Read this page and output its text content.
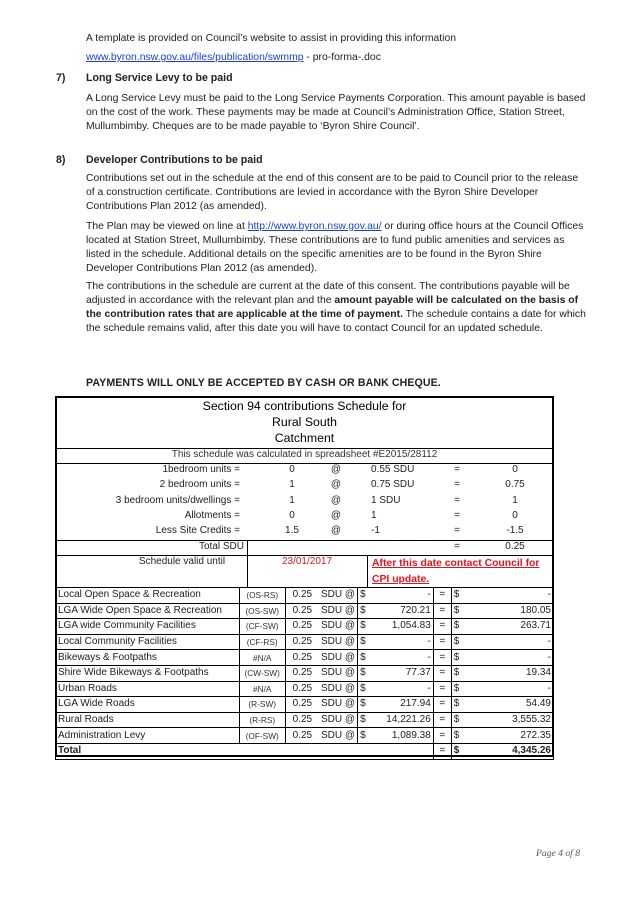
A template is provided on Council’s website to assist in providing this information

www.byron.nsw.gov.au/files/publication/swmmp - pro-forma-.doc

7) Long Service Levy to be paid

A Long Service Levy must be paid to the Long Service Payments Corporation. This amount payable is based on the cost of the work. These payments may be made at Council’s Administration Office, Station Street, Mullumbimby. Cheques are to be made payable to ‘Byron Shire Council’.

8) Developer Contributions to be paid

Contributions set out in the schedule at the end of this consent are to be paid to Council prior to the release of a construction certificate. Contributions are levied in accordance with the Byron Shire Developer Contributions Plan 2012 (as amended).

The Plan may be viewed on line at http://www.byron.nsw.gov.au/ or during office hours at the Council Offices located at Station Street, Mullumbimby. These contributions are to fund public amenities and services as listed in the schedule. Additional details on the specific amenities are to be found in the Byron Shire Developer Contributions Plan 2012 (as amended).

The contributions in the schedule are current at the date of this consent. The contributions payable will be adjusted in accordance with the relevant plan and the amount payable will be calculated on the basis of the contribution rates that are applicable at the time of payment. The schedule contains a date for which the schedule remains valid, after this date you will have to contact Council for an updated schedule.

PAYMENTS WILL ONLY BE ACCEPTED BY CASH OR BANK CHEQUE.
Section 94 contributions Schedule for
Rural South
Catchment
This schedule was calculated in spreadsheet #E2015/28112
1bedroom units =	0	@	0.55 SDU	=	0
2 bedroom units =	1	@	0.75 SDU	=	0.75
3 bedroom units/dwellings =	1	@	1 SDU	=	1
Allotments =	0	@	1	=	0
Less Site Credits =	1.5	@	-1	=	-1.5
Total SDU	=	0.25
Schedule valid until	23/01/2017	After this date contact Council for
CPI update.
Local Open Space & Recreation	(OS-RS)	0.25	SDU @	$	-	=	$	-
LGA Wide Open Space & Recreation	(OS-SW)	0.25	SDU @	$	720.21	=	$	180.05
LGA wide Community Facilities	(CF-SW)	0.25	SDU @	$	1,054.83	=	$	263.71
Local Community Facilities	(CF-RS)	0.25	SDU @	$	-	=	$	-
Bikeways & Footpaths	#N/A	0.25	SDU @	$	-	=	$	-
Shire Wide Bikeways & Footpaths	(CW-SW)	0.25	SDU @	$	77.37	=	$	19.34
Urban Roads	#N/A	0.25	SDU @	$	-	=	$	-
LGA Wide Roads	(R-SW)	0.25	SDU @	$	217.94	=	$	54.49
Rural Roads	(R-RS)	0.25	SDU @	$	14,221.26	=	$	3,555.32
Administration Levy	(OF-SW)	0.25	SDU @	$	1,089.38	=	$	272.35
Total						=	$	4,345.26
Page 4 of 8
